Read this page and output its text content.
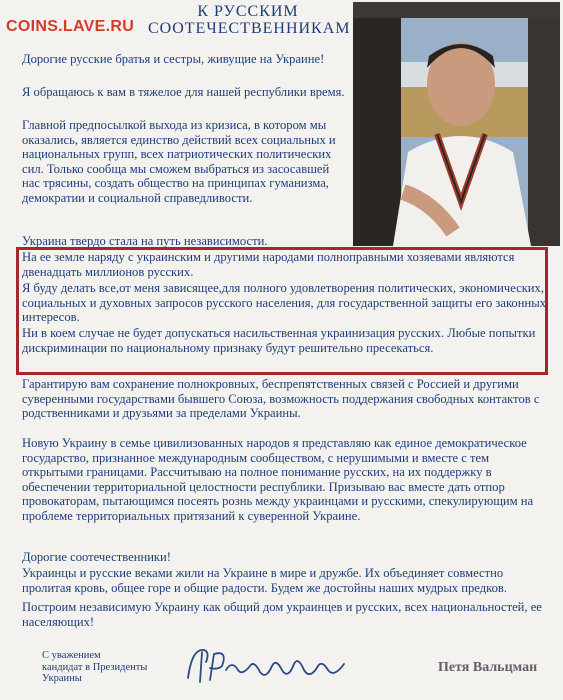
COINS.LAVE.RU
К РУССКИМ
СООТЕЧЕСТВЕННИКАМ

Дорогие русские братья и сестры, живущие на Украине!

Я обращаюсь к вам в тяжелое для нашей республики время.

Главной предпосылкой выхода из кризиса, в котором мы оказались, является единство действий всех социальных и национальных групп, всех патриотических политических сил. Только сообща мы сможем выбраться из засосавшей нас трясины, создать общество на принципах гуманизма, демократии и социальной справедливости.

Украина твердо стала на путь независимости.

На ее земле наряду с украинским и другими народами полноправными хозяевами являются двенадцать миллионов русских.

Я буду делать все,от меня зависящее,для полного удовлетворения политических, экономических, социальных и духовных запросов русского населения, для государственной защиты его законных интересов.

Ни в коем случае не будет допускаться насильственная украинизация русских. Любые попытки дискриминации по национальному признаку будут решительно пресекаться.

Гарантирую вам сохранение полнокровных, беспрепятственных связей с Россией и другими суверенными государствами бывшего Союза, возможность поддержания свободных контактов с родственниками и друзьями за пределами Украины.

Новую Украину в семье цивилизованных народов я представляю как единое демократическое государство, признанное международным сообществом, с нерушимыми и вместе с тем открытыми границами. Рассчитываю на полное понимание русских, на их поддержку в обеспечении территориальной целостности республики. Призываю вас вместе дать отпор провокаторам, пытающимся посеять рознь между украинцами и русскими, спекулирующим на проблеме территориальных притязаний к суверенной Украине.

Дорогие соотечественники!

Украинцы и русские веками жили на Украине в мире и дружбе. Их объединяет совместно пролитая кровь, общее горе и общие радости. Будем же достойны наших мудрых предков.

Построим независимую Украину как общий дом украинцев и русских, всех национальностей, ее населяющих!

С уважением
кандидат в Президенты
Украины
Петя Вальцман
